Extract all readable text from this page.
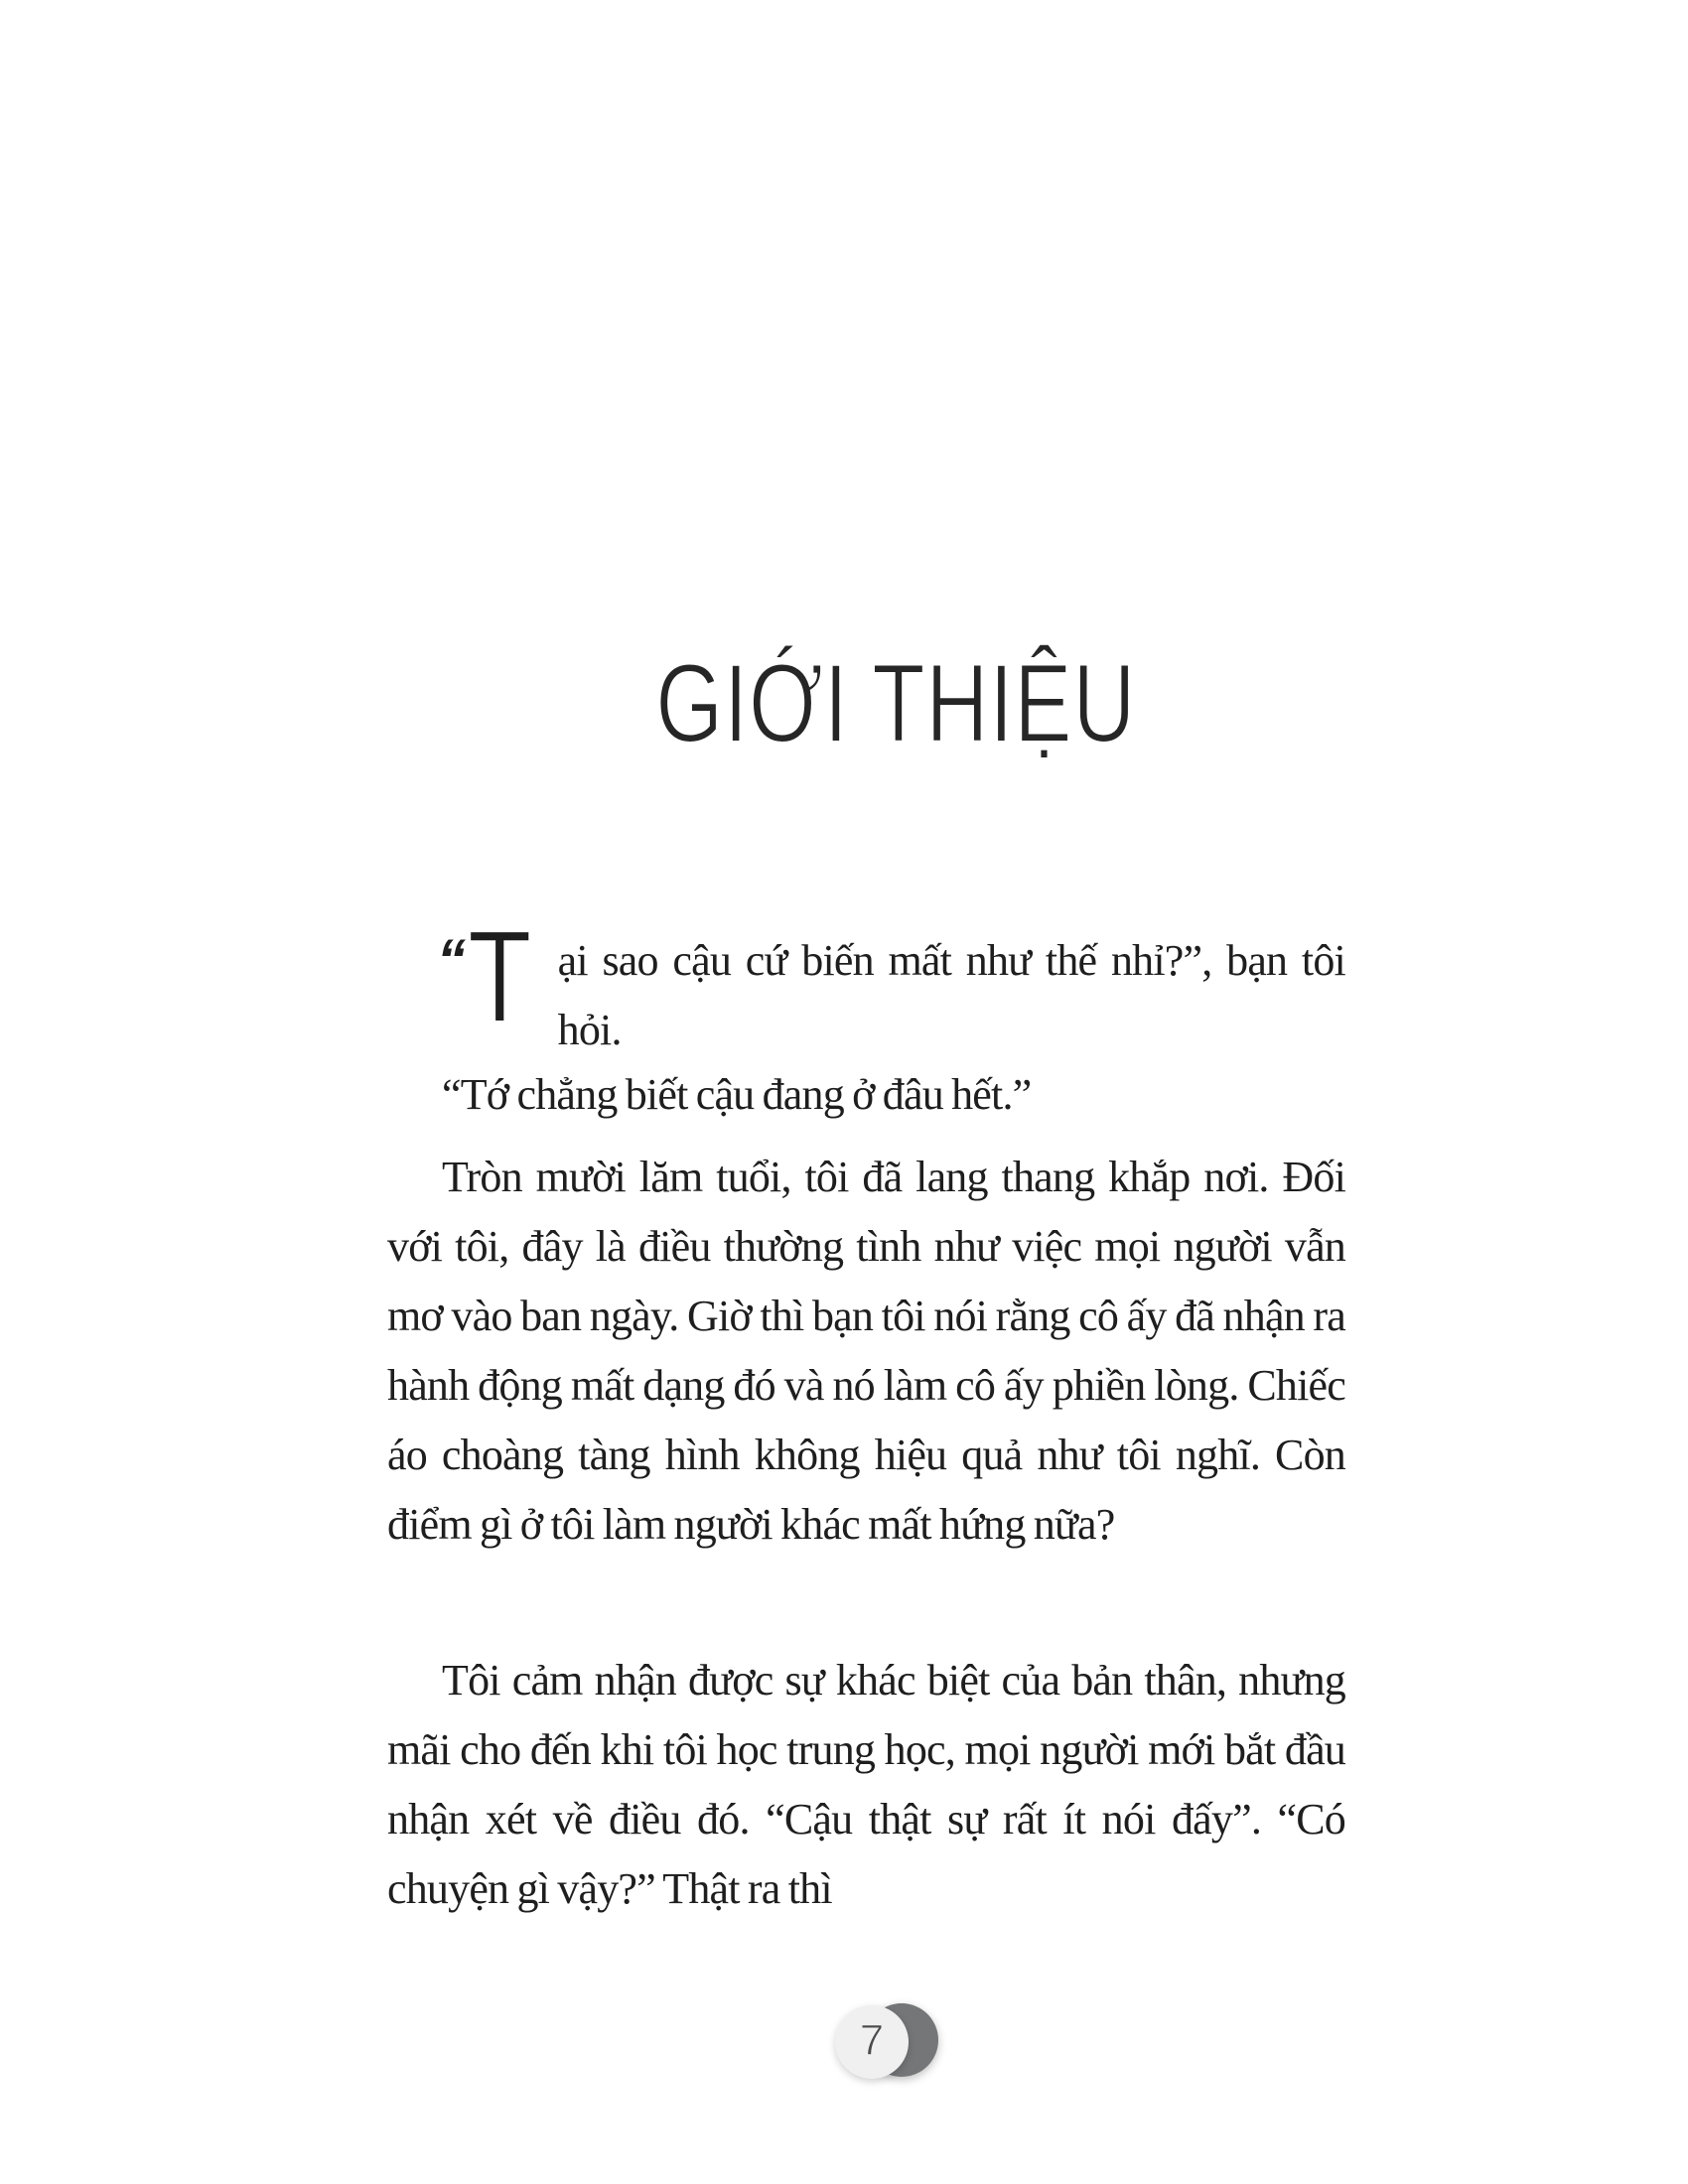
GIỚI THIỆU

“ T ại sao cậu cứ biến mất như thế nhỉ?”, bạn tôi hỏi.

“Tớ chẳng biết cậu đang ở đâu hết.”

Tròn mười lăm tuổi, tôi đã lang thang khắp nơi. Đối với tôi, đây là điều thường tình như việc mọi người vẫn mơ vào ban ngày. Giờ thì bạn tôi nói rằng cô ấy đã nhận ra hành động mất dạng đó và nó làm cô ấy phiền lòng. Chiếc áo choàng tàng hình không hiệu quả như tôi nghĩ. Còn điểm gì ở tôi làm người khác mất hứng nữa?

Tôi cảm nhận được sự khác biệt của bản thân, nhưng mãi cho đến khi tôi học trung học, mọi người mới bắt đầu nhận xét về điều đó. “Cậu thật sự rất ít nói đấy”. “Có chuyện gì vậy?” Thật ra thì

7
